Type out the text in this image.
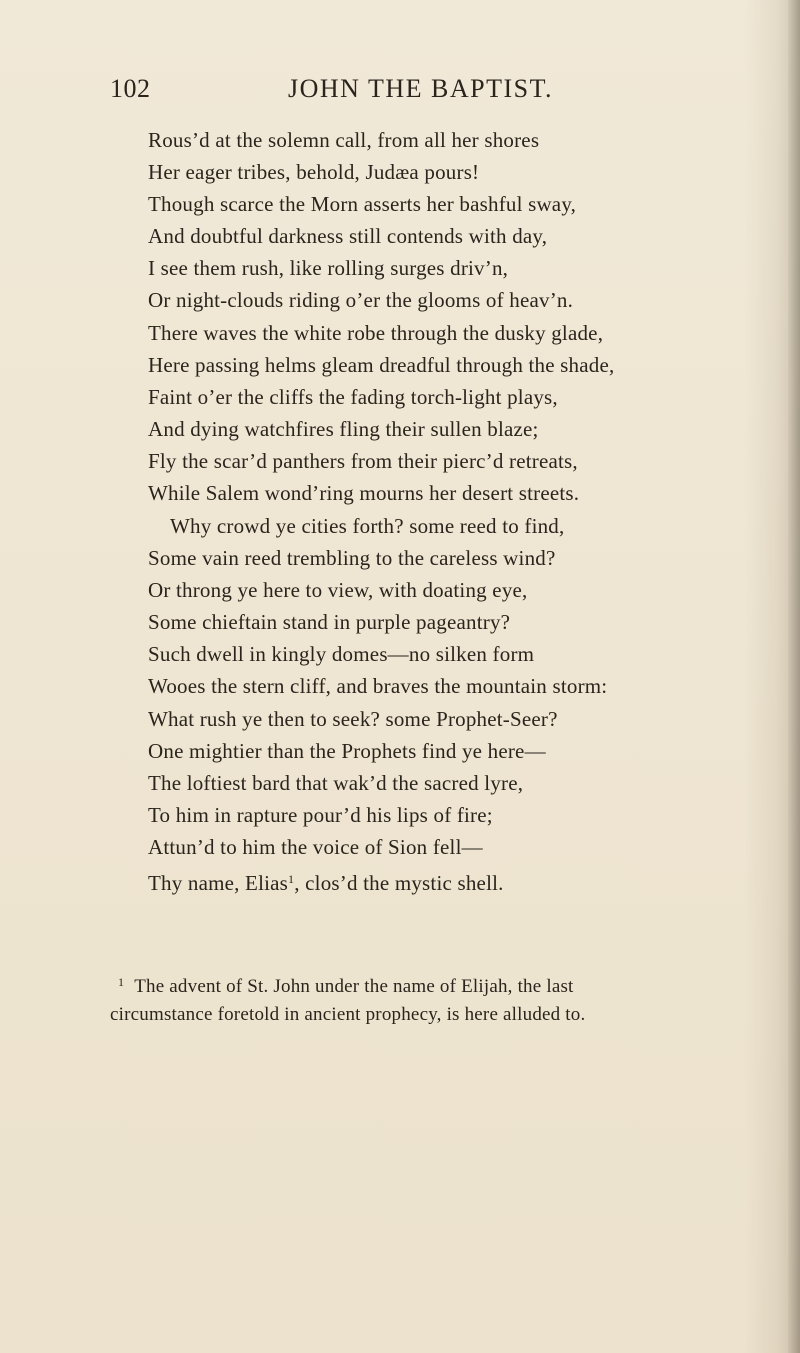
102	JOHN THE BAPTIST.
Rous’d at the solemn call, from all her shores
Her eager tribes, behold, Judæa pours!
Though scarce the Morn asserts her bashful sway,
And doubtful darkness still contends with day,
I see them rush, like rolling surges driv’n,
Or night-clouds riding o’er the glooms of heav’n.
There waves the white robe through the dusky glade,
Here passing helms gleam dreadful through the shade,
Faint o’er the cliffs the fading torch-light plays,
And dying watchfires fling their sullen blaze;
Fly the scar’d panthers from their pierc’d retreats,
While Salem wond’ring mourns her desert streets.
Why crowd ye cities forth? some reed to find,
Some vain reed trembling to the careless wind?
Or throng ye here to view, with doating eye,
Some chieftain stand in purple pageantry?
Such dwell in kingly domes—no silken form
Wooes the stern cliff, and braves the mountain storm:
What rush ye then to seek? some Prophet-Seer?
One mightier than the Prophets find ye here—
The loftiest bard that wak’d the sacred lyre,
To him in rapture pour’d his lips of fire;
Attun’d to him the voice of Sion fell—
Thy name, Elias$^1$, clos’d the mystic shell.

$^1$ The advent of St. John under the name of Elijah, the last

circumstance foretold in ancient prophecy, is here alluded to.
